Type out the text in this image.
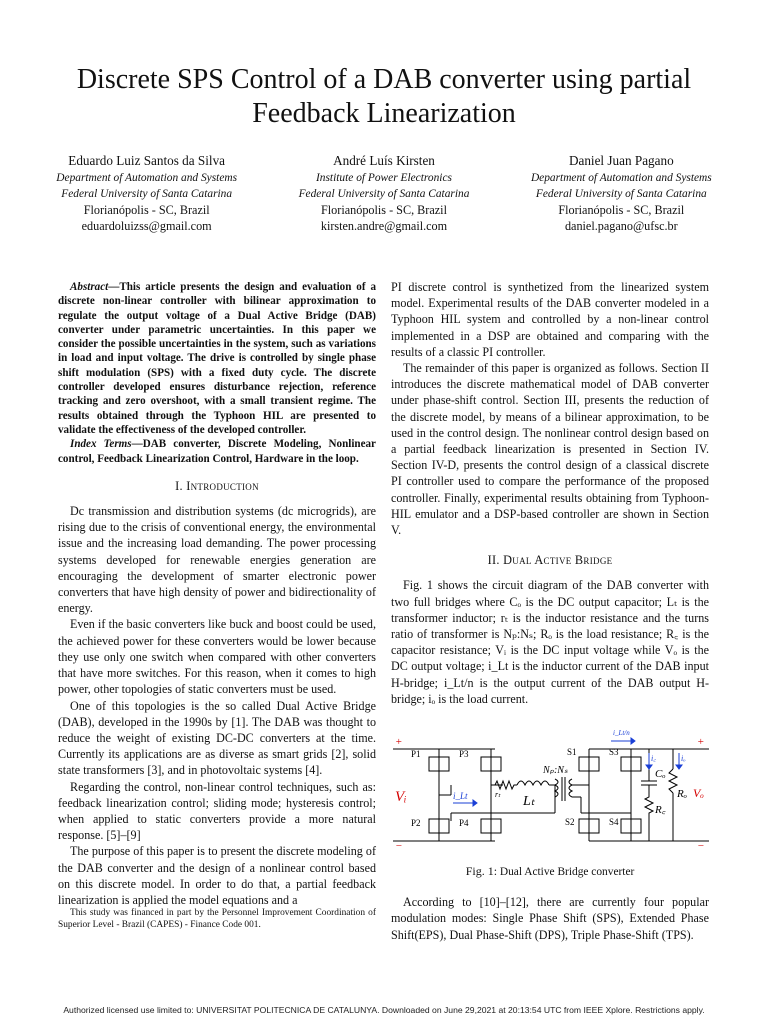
Discrete SPS Control of a DAB converter using partial Feedback Linearization
Eduardo Luiz Santos da Silva
Department of Automation and Systems
Federal University of Santa Catarina
Florianópolis - SC, Brazil
eduardoluizss@gmail.com
André Luís Kirsten
Institute of Power Electronics
Federal University of Santa Catarina
Florianópolis - SC, Brazil
kirsten.andre@gmail.com
Daniel Juan Pagano
Department of Automation and Systems
Federal University of Santa Catarina
Florianópolis - SC, Brazil
daniel.pagano@ufsc.br
Abstract—This article presents the design and evaluation of a discrete non-linear controller with bilinear approximation to regulate the output voltage of a Dual Active Bridge (DAB) converter under parametric uncertainties. In this paper we consider the possible uncertainties in the system, such as variations in load and input voltage. The drive is controlled by single phase shift modulation (SPS) with a fixed duty cycle. The discrete controller developed ensures disturbance rejection, reference tracking and zero overshoot, with a small transient regime. The results obtained through the Typhoon HIL are presented to validate the effectiveness of the developed controller.
Index Terms—DAB converter, Discrete Modeling, Nonlinear control, Feedback Linearization Control, Hardware in the loop.
I. Introduction

Dc transmission and distribution systems (dc microgrids), are rising due to the crisis of conventional energy, the environmental issue and the increasing load demanding. The power processing systems developed for renewable energies generation are encouraging the development of smarter electronic power converters that have high density of power and bidirectionality of energy.

Even if the basic converters like buck and boost could be used, the achieved power for these converters would be lower because they use only one switch when compared with other converters that have more switches. For this reason, when it comes to high power, other topologies of static converters must be used.

One of this topologies is the so called Dual Active Bridge (DAB), developed in the 1990s by [1]. The DAB was thought to reduce the weight of existing DC-DC converters at the time. Currently its applications are as diverse as smart grids [2], solid state transformers [3], and in photovoltaic systems [4].

Regarding the control, non-linear control techniques, such as: feedback linearization control; sliding mode; hysteresis control; when applied to static converters provide a more natural response. [5]–[9]

The purpose of this paper is to present the discrete modeling of the DAB converter and the design of a nonlinear control based on this discrete model. In order to do that, a partial feedback linearization is applied the model equations and a

This study was financed in part by the Personnel Improvement Coordination of Superior Level - Brazil (CAPES) - Finance Code 001.

PI discrete control is synthetized from the linearized system model. Experimental results of the DAB converter modeled in a Typhoon HIL system and controlled by a non-linear control implemented in a DSP are obtained and comparing with the results of a classic PI controller.

The remainder of this paper is organized as follows. Section II introduces the discrete mathematical model of DAB converter under phase-shift control. Section III, presents the reduction of the discrete model, by means of a bilinear approximation, to be used in the control design. The nonlinear control design based on a partial feedback linearization is presented in Section IV. Section IV-D, presents the control design of a classical discrete PI controller used to compare the performance of the proposed controller. Finally, experimental results obtaining from Typhoon-HIL emulator and a DSP-based controller are shown in Section V.

II. Dual Active Bridge

Fig. 1 shows the circuit diagram of the DAB converter with two full bridges where Cₒ is the DC output capacitor; Lₜ is the transformer inductor; rₜ is the inductor resistance and the turns ratio of transformer is Nₚ:Nₛ; Rₒ is the load resistance; R꜀ is the capacitor resistance; Vᵢ is the DC input voltage while Vₒ is the DC output voltage; i_Lt is the inductor current of the DAB input H-bridge; i_Lt/n is the output current of the DAB output H-bridge; iₒ is the load current.

P1	P3
P2	P4
S1	S3
S2	S4
+
−
Vᵢ
+
−
Vₒ
Lₜ
rₜ
i_Lt
Nₚ:Nₛ	Cₒ
R꜀
Rₒ
i꜀	iₒ
i_Lt/n
Fig. 1: Dual Active Bridge converter

According to [10]–[12], there are currently four popular modulation modes: Single Phase Shift (SPS), Extended Phase Shift(EPS), Dual Phase-Shift (DPS), Triple Phase-Shift (TPS).

Authorized licensed use limited to: UNIVERSITAT POLITECNICA DE CATALUNYA. Downloaded on June 29,2021 at 20:13:54 UTC from IEEE Xplore. Restrictions apply.
